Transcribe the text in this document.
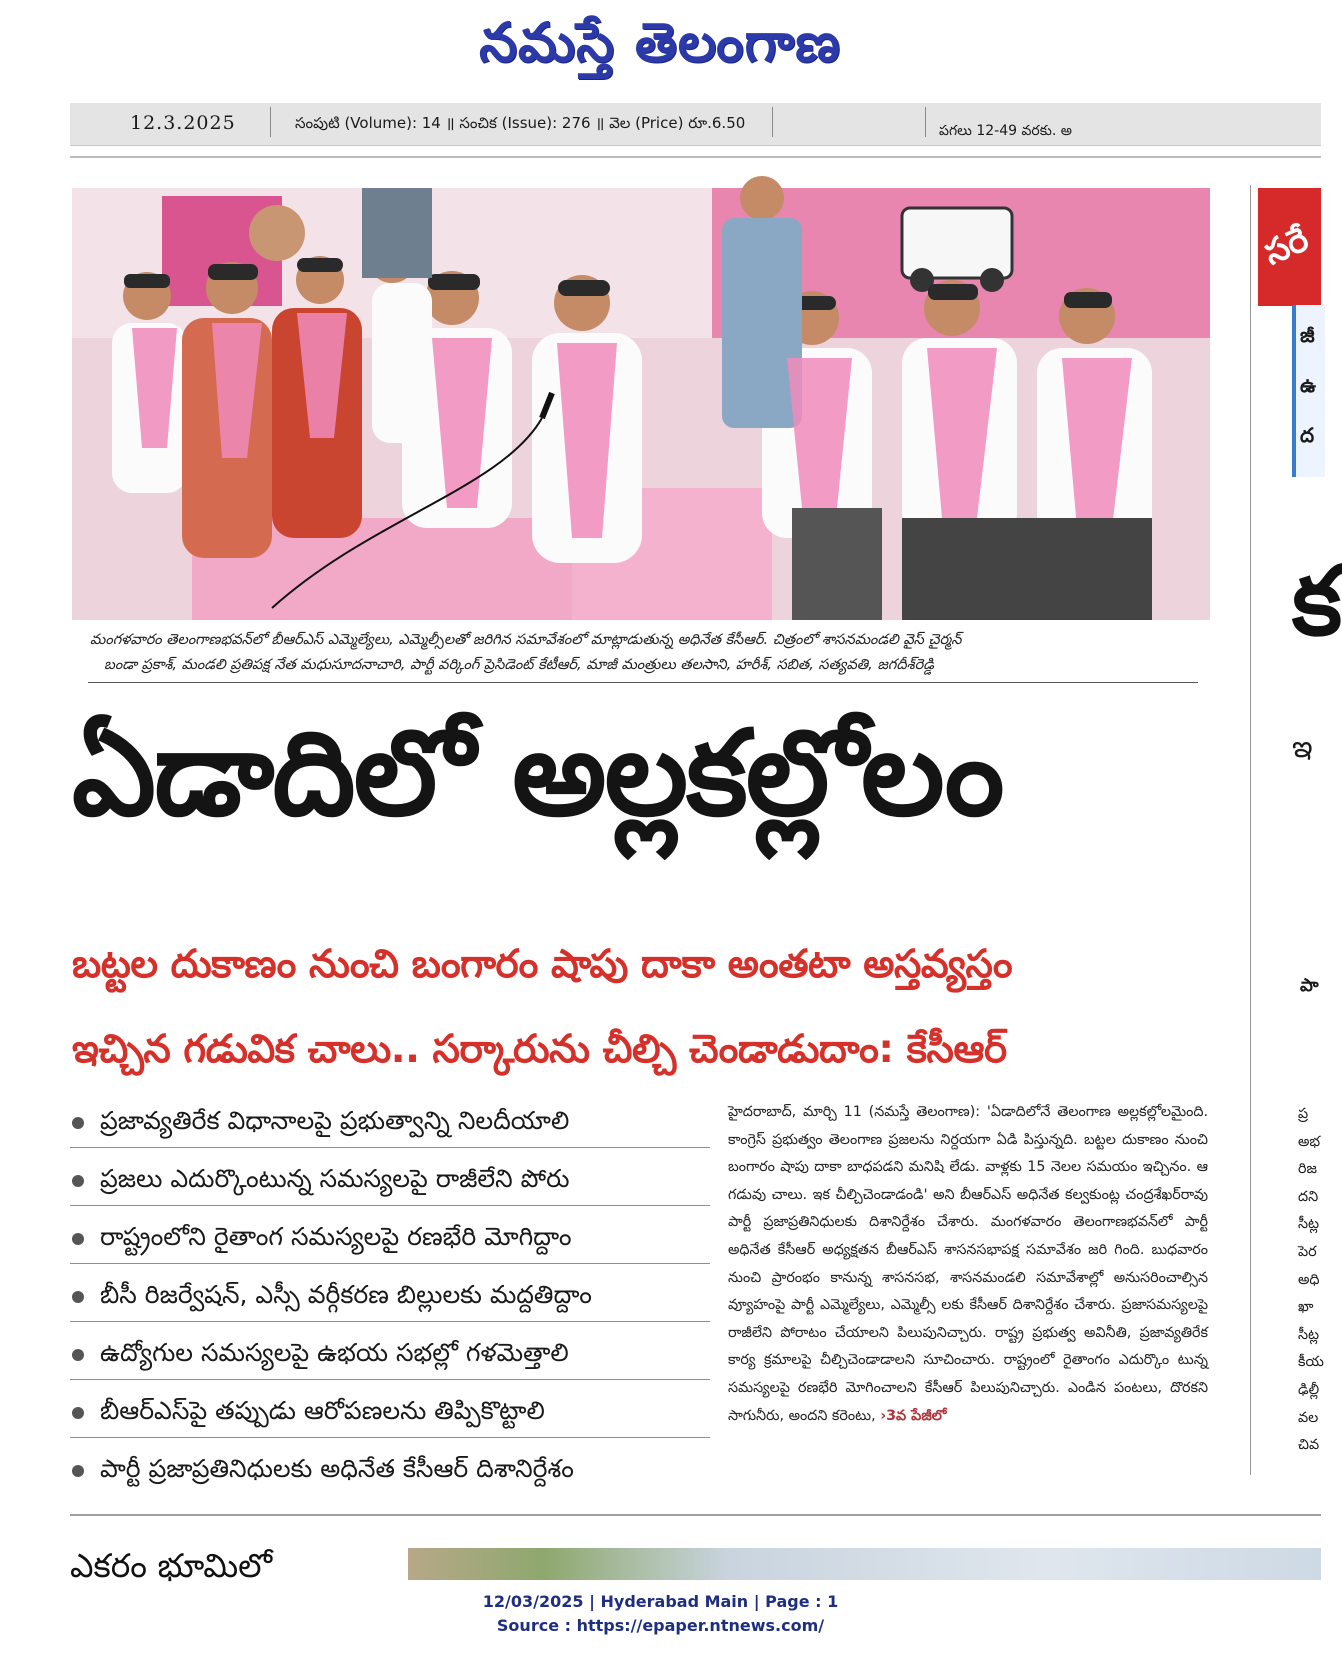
నమస్తే తెలంగాణ
12.3.2025	సంపుటి (Volume): 14 ॥ సంచిక (Issue): 276 ॥ వెల (Price) రూ.6.50	పగలు 12-49 వరకు. అ
మంగళవారం తెలంగాణభవన్‌లో బీఆర్‌ఎస్ ఎమ్మెల్యేలు, ఎమ్మెల్సీలతో జరిగిన సమావేశంలో మాట్లాడుతున్న అధినేత కేసీఆర్. చిత్రంలో శాసనమండలి వైస్ చైర్మన్
బండా ప్రకాశ్, మండలి ప్రతిపక్ష నేత మధుసూదనాచారి, పార్టీ వర్కింగ్ ప్రెసిడెంట్ కేటీఆర్, మాజీ మంత్రులు తలసాని, హరీశ్, సబిత, సత్యవతి, జగదీశ్‌రెడ్డి
ఏడాదిలో అల్లకల్లోలం
బట్టల దుకాణం నుంచి బంగారం షాపు దాకా అంతటా అస్తవ్యస్తం
ఇచ్చిన గడువిక చాలు.. సర్కారును చీల్చి చెండాడుదాం: కేసీఆర్
ప్రజావ్యతిరేక విధానాలపై ప్రభుత్వాన్ని నిలదీయాలి
ప్రజలు ఎదుర్కొంటున్న సమస్యలపై రాజీలేని పోరు
రాష్ట్రంలోని రైతాంగ సమస్యలపై రణభేరి మోగిద్దాం
బీసీ రిజర్వేషన్, ఎస్సీ వర్గీకరణ బిల్లులకు మద్దతిద్దాం
ఉద్యోగుల సమస్యలపై ఉభయ సభల్లో గళమెత్తాలి
బీఆర్‌ఎస్‌పై తప్పుడు ఆరోపణలను తిప్పికొట్టాలి
పార్టీ ప్రజాప్రతినిధులకు అధినేత కేసీఆర్ దిశానిర్దేశం
హైదరాబాద్, మార్చి 11 (నమస్తే తెలంగాణ): 'ఏడాదిలోనే తెలంగాణ అల్లకల్లోలమైంది. కాంగ్రెస్ ప్రభుత్వం తెలంగాణ ప్రజలను నిర్దయగా ఏడి పిస్తున్నది. బట్టల దుకాణం నుంచి బంగారం షాపు దాకా బాధపడని మనిషి లేడు. వాళ్లకు 15 నెలల సమయం ఇచ్చినం. ఆ గడువు చాలు. ఇక చీల్చిచెండాడండి' అని బీఆర్‌ఎస్ అధినేత కల్వకుంట్ల చంద్రశేఖర్‌రావు పార్టీ ప్రజాప్రతినిధులకు దిశానిర్దేశం చేశారు. మంగళవారం తెలంగాణభవన్‌లో పార్టీ అధినేత కేసీఆర్ అధ్యక్షతన బీఆర్‌ఎస్ శాసనసభాపక్ష సమావేశం జరి గింది. బుధవారం నుంచి ప్రారంభం కానున్న శాసనసభ, శాసనమండలి సమావేశాల్లో అనుసరించాల్సిన వ్యూహంపై పార్టీ ఎమ్మెల్యేలు, ఎమ్మెల్సీ లకు కేసీఆర్ దిశానిర్దేశం చేశారు. ప్రజాసమస్యలపై రాజీలేని పోరాటం చేయాలని పిలుపునిచ్చారు. రాష్ట్ర ప్రభుత్వ అవినీతి, ప్రజావ్యతిరేక కార్య క్రమాలపై చీల్చిచెండాడాలని సూచించారు. రాష్ట్రంలో రైతాంగం ఎదుర్కొం టున్న సమస్యలపై రణభేరి మోగించాలని కేసీఆర్ పిలుపునిచ్చారు. ఎండిన పంటలు, దొరకని సాగునీరు, అందని కరెంటు, ›3వ పేజీలో
సరే
జీ
ఉ
ద
క
ఇ
పా
ప్ర
అభ
రిజ
దని
సీట్ల
పెర
అధి
ఖా
సీట్ల
కీయ
ఢిల్లీ
వల
చివ
ఎకరం భూమిలో
12/03/2025 | Hyderabad Main | Page : 1
Source : https://epaper.ntnews.com/
